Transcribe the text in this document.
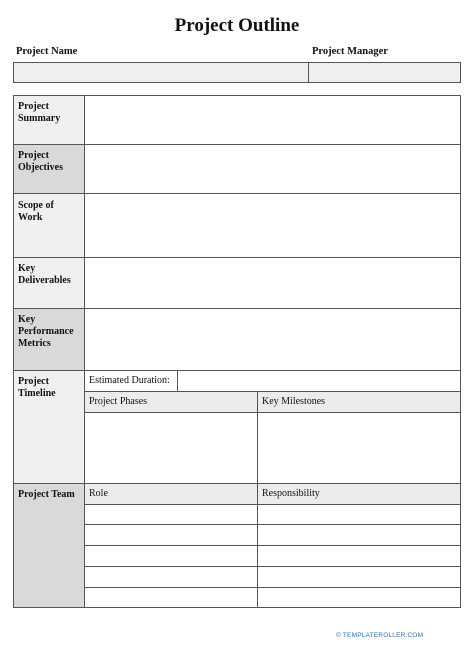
Project Outline
Project Name	Project Manager
Project Summary
Project Objectives
Scope of Work
Key Deliverables
Key Performance Metrics
Project Timeline
Estimated Duration:
Project Phases	Key Milestones
Project Team	Role	Responsibility
© TEMPLATEROLLER.COM
